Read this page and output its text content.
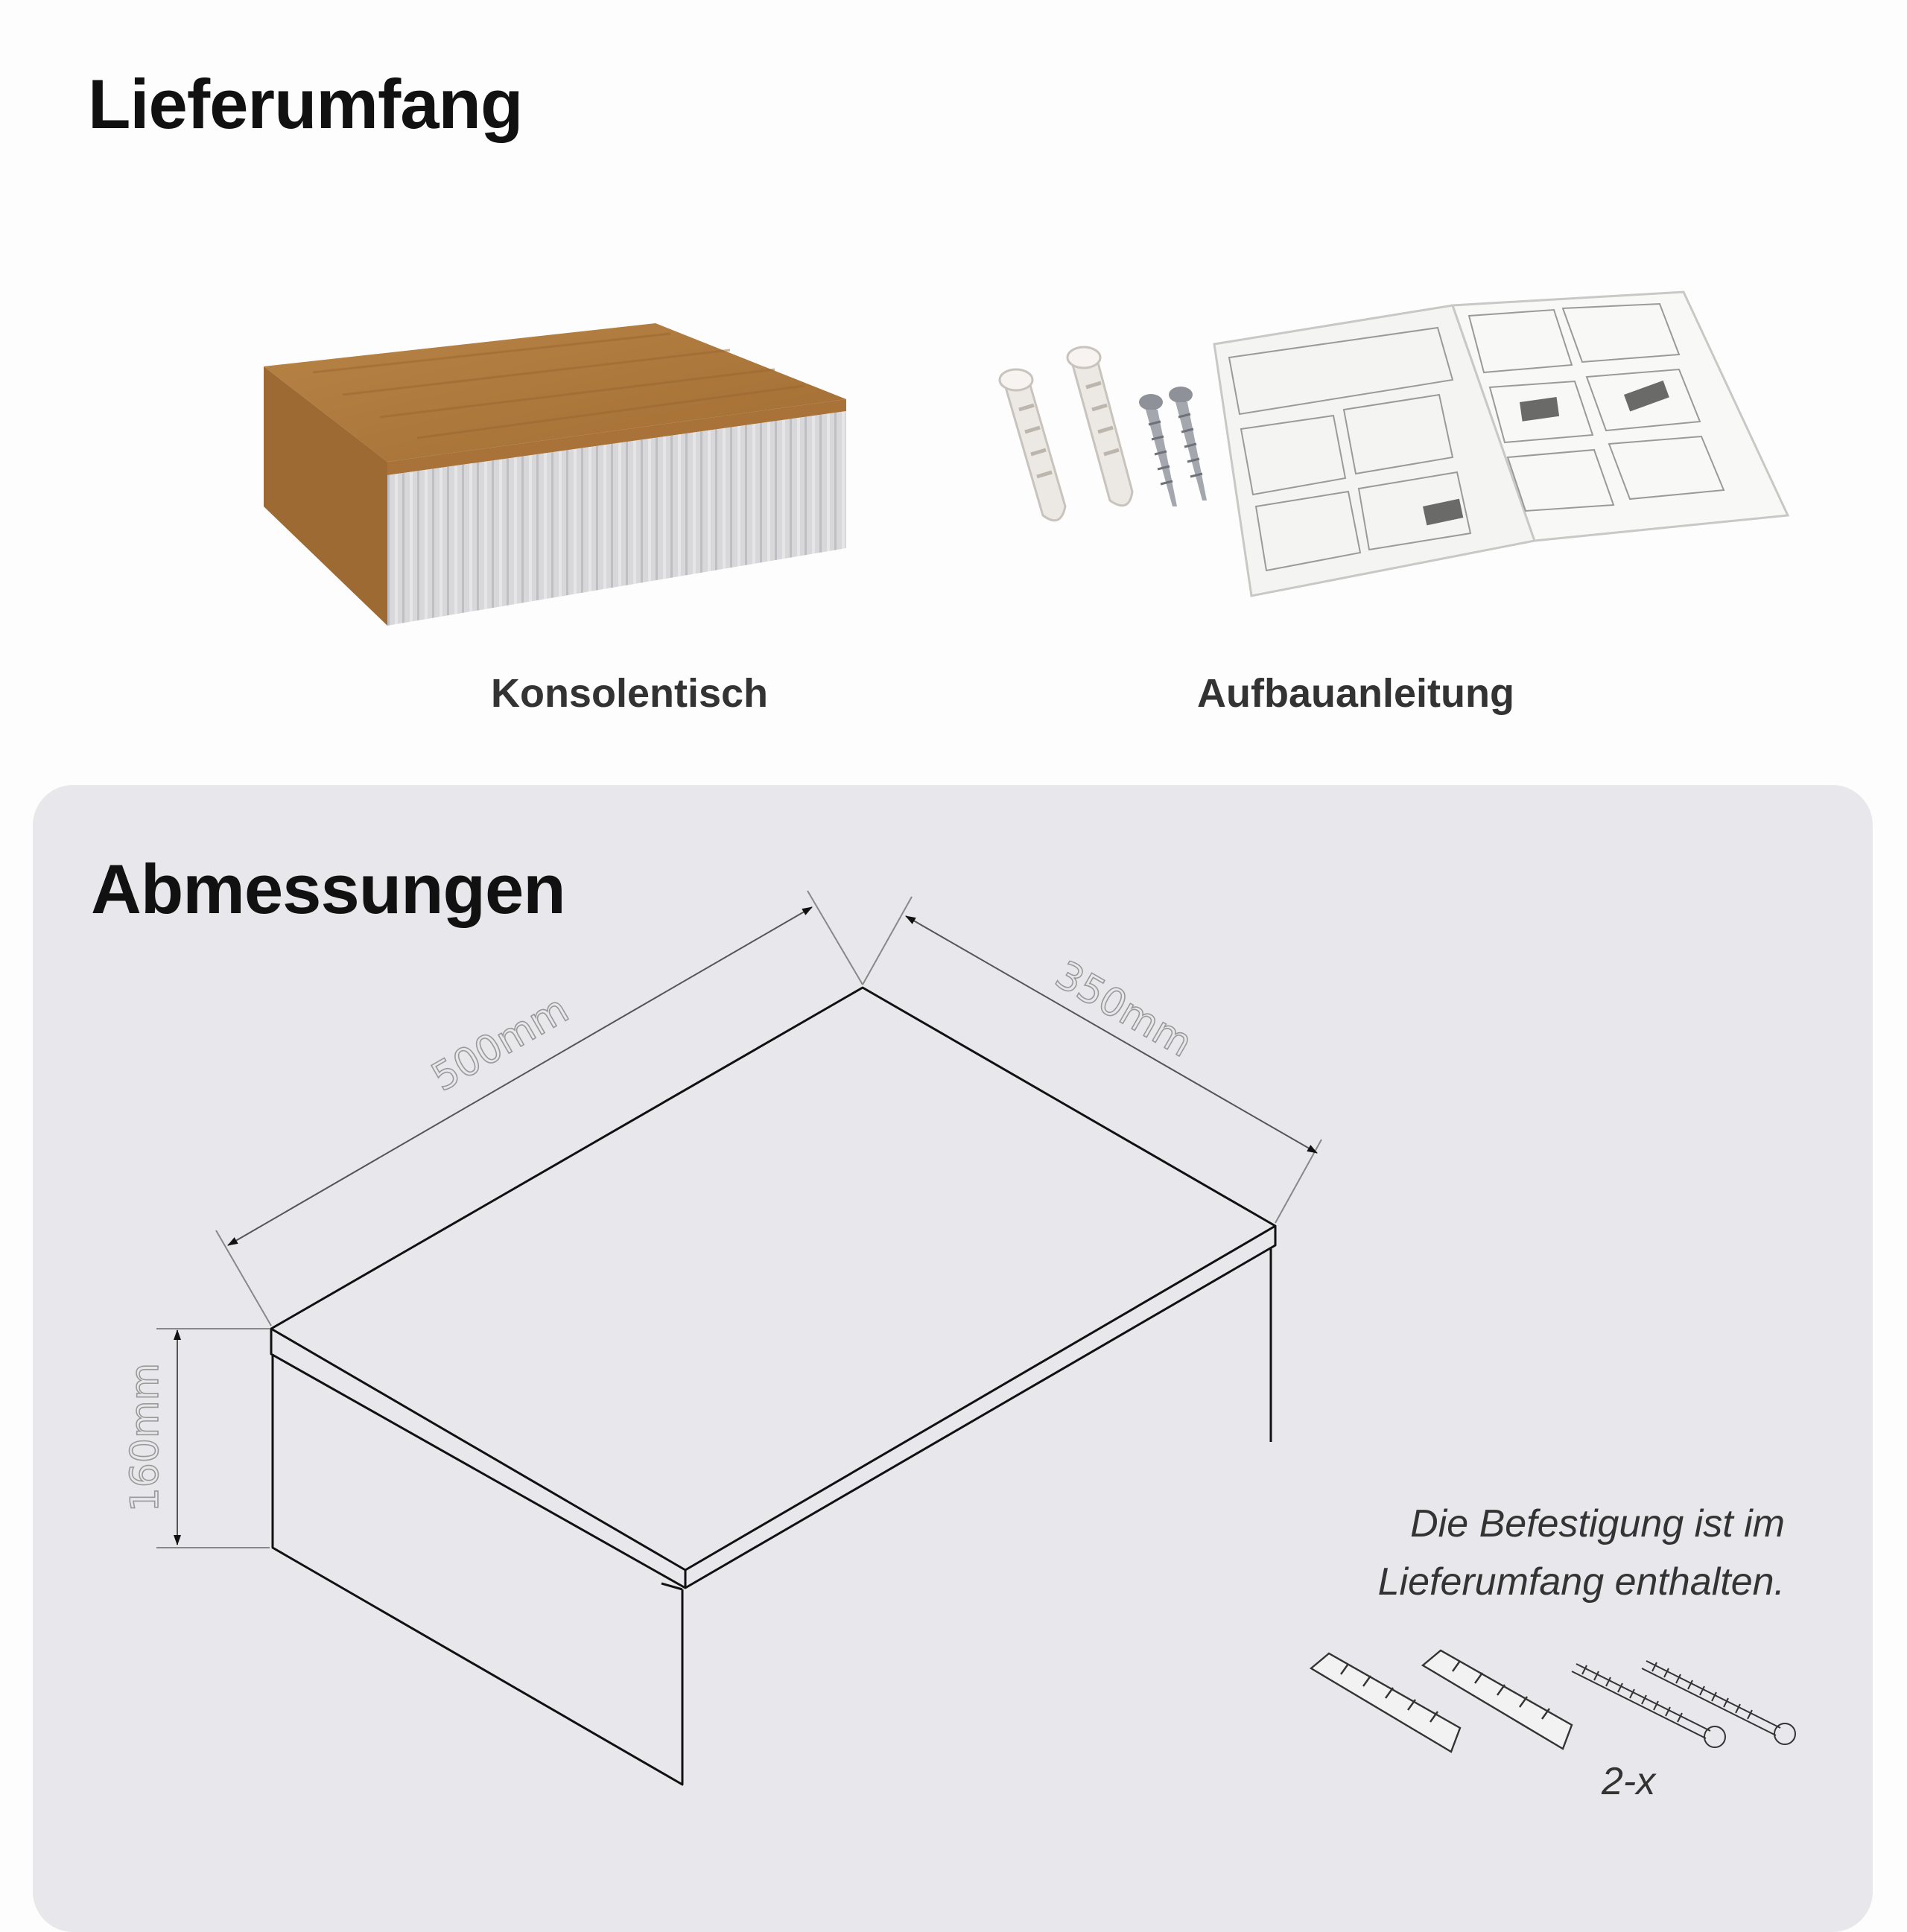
Lieferumfang
Konsolentisch	Aufbauanleitung
Abmessungen
500mm	350mm
160mm
Die Befestigung ist im
Lieferumfang enthalten.
2-x
